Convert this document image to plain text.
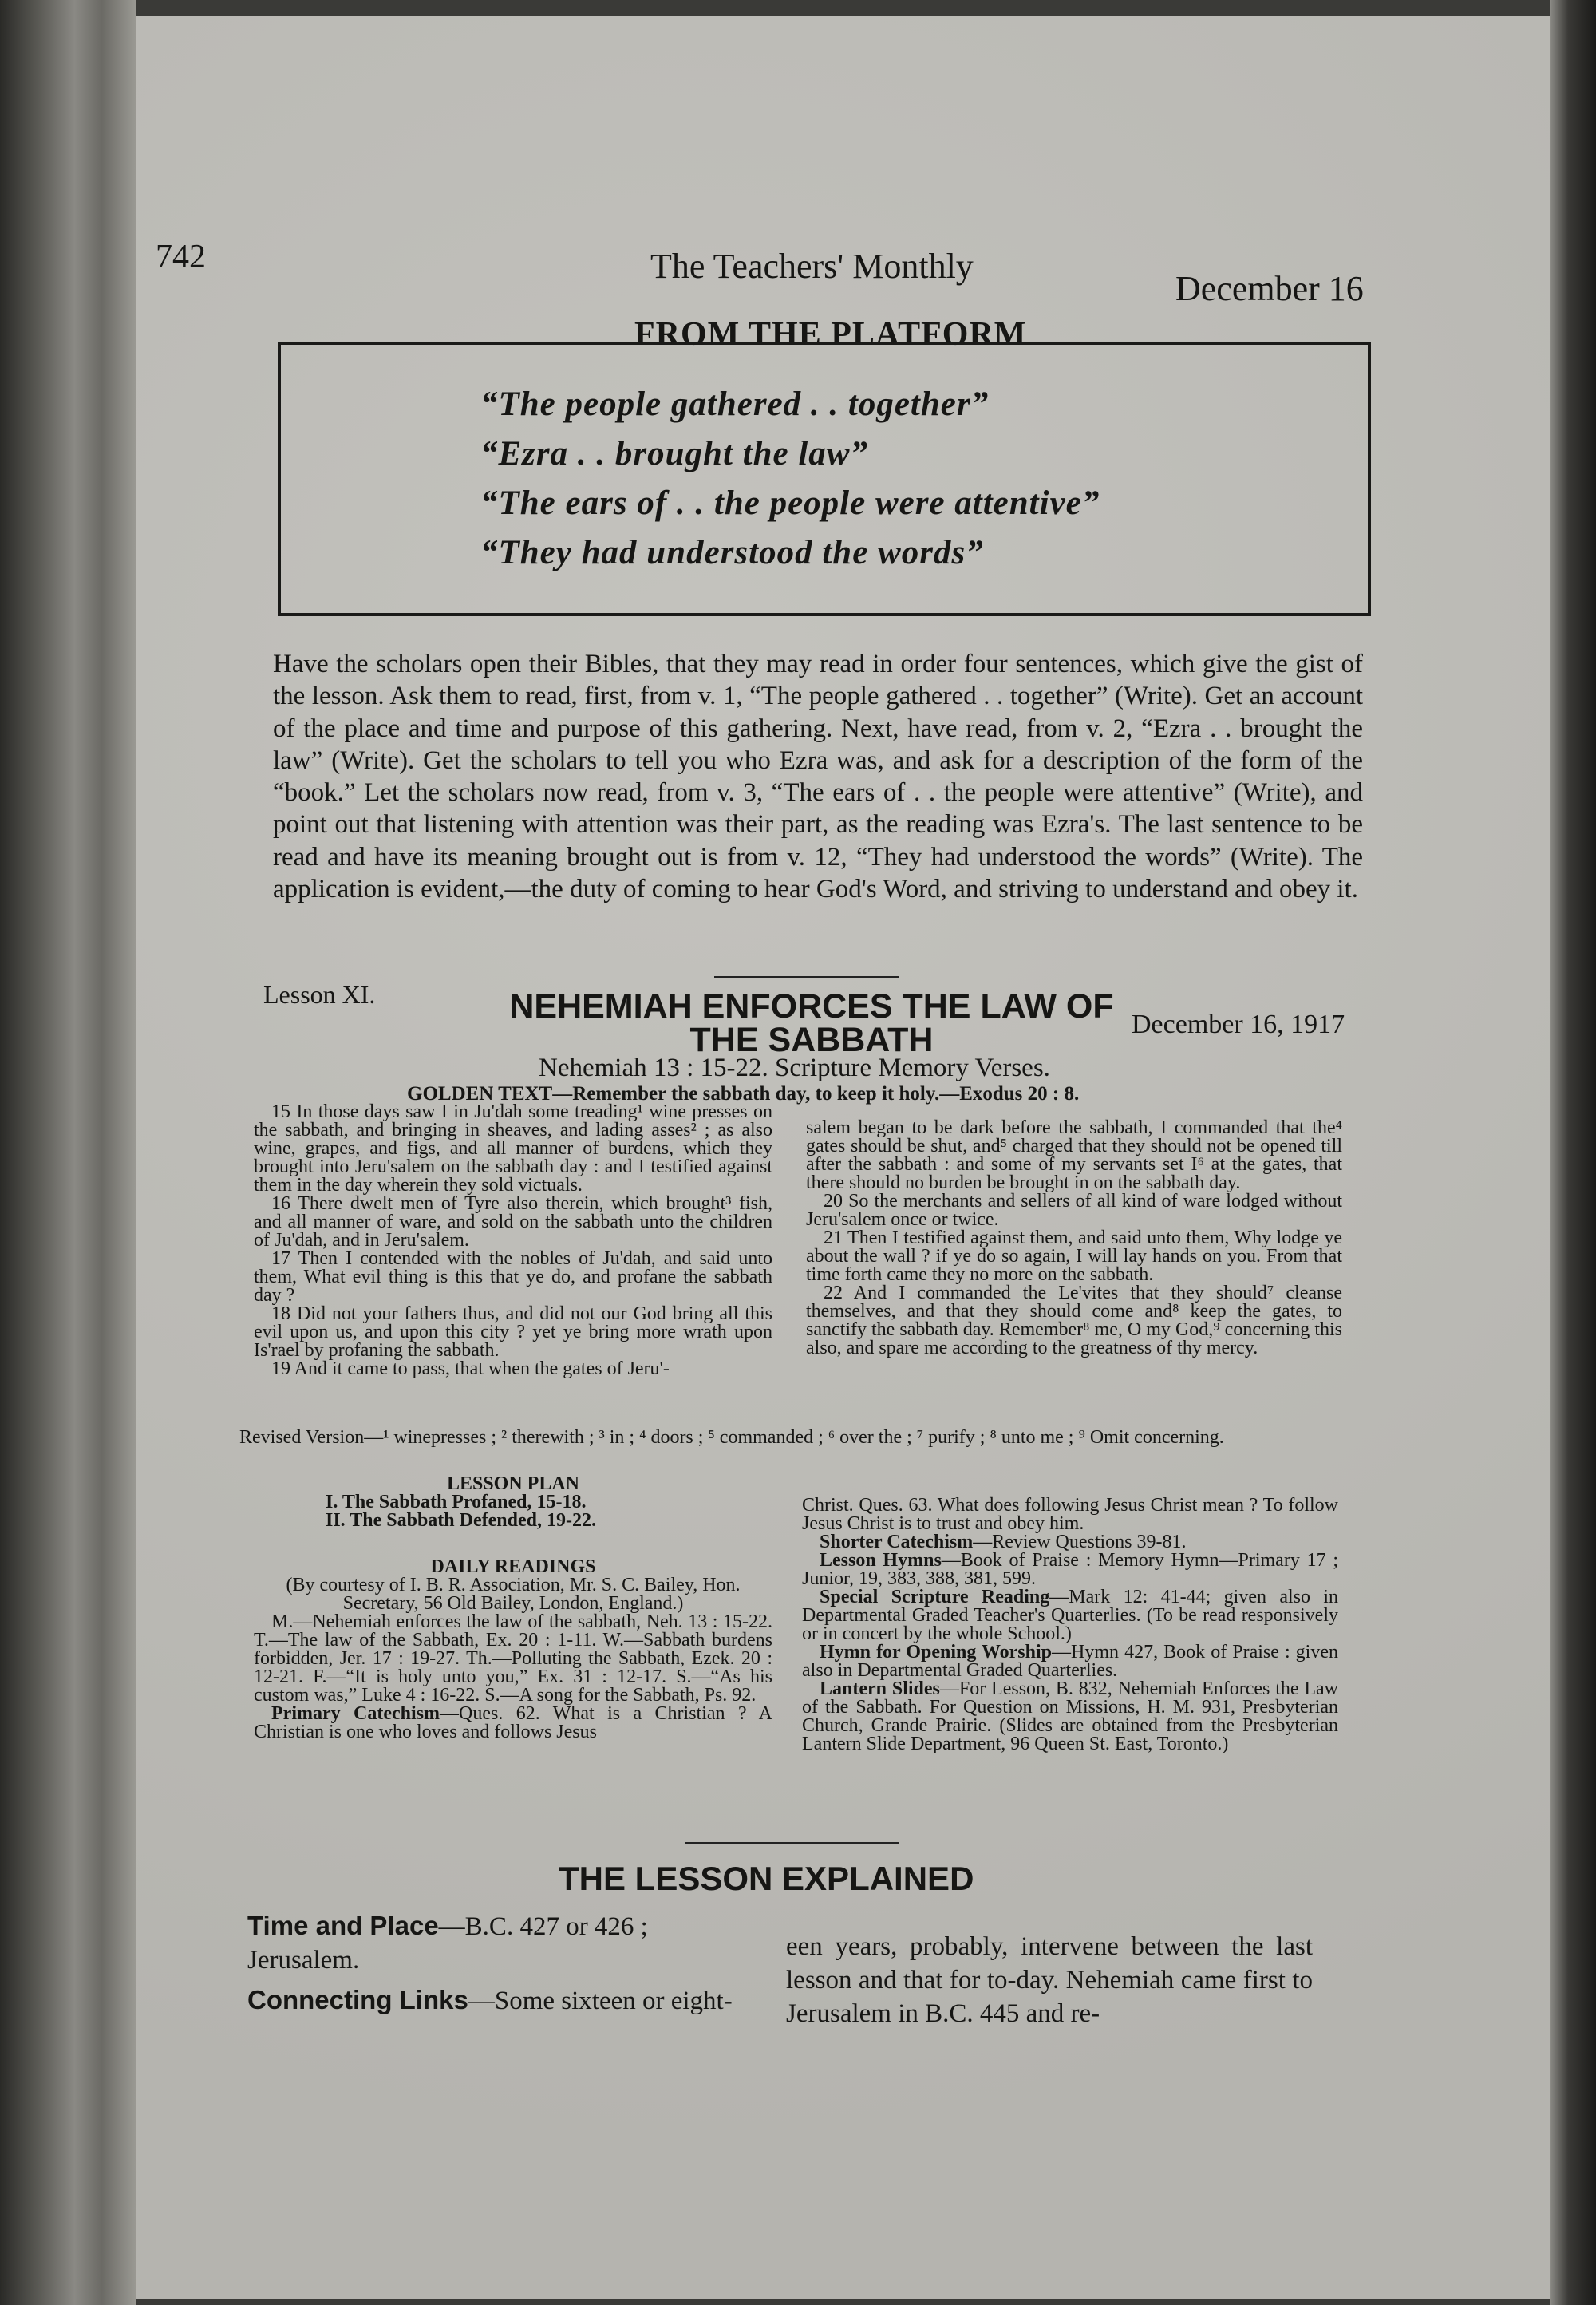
742	The Teachers' Monthly
December 16
FROM THE PLATFORM
“The people gathered . . together”
“Ezra . . brought the law”
“The ears of . . the people were attentive”
“They had understood the words”
Have the scholars open their Bibles, that they may read in order four sentences, which give the gist of the lesson. Ask them to read, first, from v. 1, “The people gathered . . together” (Write). Get an account of the place and time and purpose of this gathering. Next, have read, from v. 2, “Ezra . . brought the law” (Write). Get the scholars to tell you who Ezra was, and ask for a description of the form of the “book.” Let the scholars now read, from v. 3, “The ears of . . the people were attentive” (Write), and point out that listening with attention was their part, as the reading was Ezra's. The last sentence to be read and have its meaning brought out is from v. 12, “They had understood the words” (Write). The application is evident,—the duty of coming to hear God's Word, and striving to understand and obey it.
Lesson XI.	NEHEMIAH ENFORCES THE LAW OF THE SABBATH	December 16, 1917
Nehemiah 13 : 15-22. Scripture Memory Verses.
GOLDEN TEXT—Remember the sabbath day, to keep it holy.—Exodus 20 : 8.

15 In those days saw I in Ju'dah some treading¹ wine presses on the sabbath, and bringing in sheaves, and lading asses² ; as also wine, grapes, and figs, and all manner of burdens, which they brought into Jeru'salem on the sabbath day : and I testified against them in the day wherein they sold victuals.

16 There dwelt men of Tyre also therein, which brought³ fish, and all manner of ware, and sold on the sabbath unto the children of Ju'dah, and in Jeru'salem.

17 Then I contended with the nobles of Ju'dah, and said unto them, What evil thing is this that ye do, and profane the sabbath day ?

18 Did not your fathers thus, and did not our God bring all this evil upon us, and upon this city ? yet ye bring more wrath upon Is'rael by profaning the sabbath.

19 And it came to pass, that when the gates of Jeru'-

salem began to be dark before the sabbath, I commanded that the⁴ gates should be shut, and⁵ charged that they should not be opened till after the sabbath : and some of my servants set I⁶ at the gates, that there should no burden be brought in on the sabbath day.

20 So the merchants and sellers of all kind of ware lodged without Jeru'salem once or twice.

21 Then I testified against them, and said unto them, Why lodge ye about the wall ? if ye do so again, I will lay hands on you. From that time forth came they no more on the sabbath.

22 And I commanded the Le'vites that they should⁷ cleanse themselves, and that they should come and⁸ keep the gates, to sanctify the sabbath day. Remember⁸ me, O my God,⁹ concerning this also, and spare me according to the greatness of thy mercy.

Revised Version—¹ winepresses ; ² therewith ; ³ in ; ⁴ doors ; ⁵ commanded ; ⁶ over the ; ⁷ purify ; ⁸ unto me ; ⁹ Omit concerning.
LESSON PLAN

I. The Sabbath Profaned, 15-18.

II. The Sabbath Defended, 19-22.

DAILY READINGS

(By courtesy of I. B. R. Association, Mr. S. C. Bailey, Hon. Secretary, 56 Old Bailey, London, England.)

M.—Nehemiah enforces the law of the sabbath, Neh. 13 : 15-22. T.—The law of the Sabbath, Ex. 20 : 1-11. W.—Sabbath burdens forbidden, Jer. 17 : 19-27. Th.—Polluting the Sabbath, Ezek. 20 : 12-21. F.—“It is holy unto you,” Ex. 31 : 12-17. S.—“As his custom was,” Luke 4 : 16-22. S.—A song for the Sabbath, Ps. 92.

Primary Catechism—Ques. 62. What is a Christian ? A Christian is one who loves and follows Jesus

Christ. Ques. 63. What does following Jesus Christ mean ? To follow Jesus Christ is to trust and obey him.

Shorter Catechism—Review Questions 39-81.

Lesson Hymns—Book of Praise : Memory Hymn—Primary 17 ; Junior, 19, 383, 388, 381, 599.

Special Scripture Reading—Mark 12: 41-44; given also in Departmental Graded Teacher's Quarterlies. (To be read responsively or in concert by the whole School.)

Hymn for Opening Worship—Hymn 427, Book of Praise : given also in Departmental Graded Quarterlies.

Lantern Slides—For Lesson, B. 832, Nehemiah Enforces the Law of the Sabbath. For Question on Missions, H. M. 931, Presbyterian Church, Grande Prairie. (Slides are obtained from the Presbyterian Lantern Slide Department, 96 Queen St. East, Toronto.)

THE LESSON EXPLAINED

Time and Place—B.C. 427 or 426 ; Jerusalem.

Connecting Links—Some sixteen or eight-

een years, probably, intervene between the last lesson and that for to-day. Nehemiah came first to Jerusalem in B.C. 445 and re-
